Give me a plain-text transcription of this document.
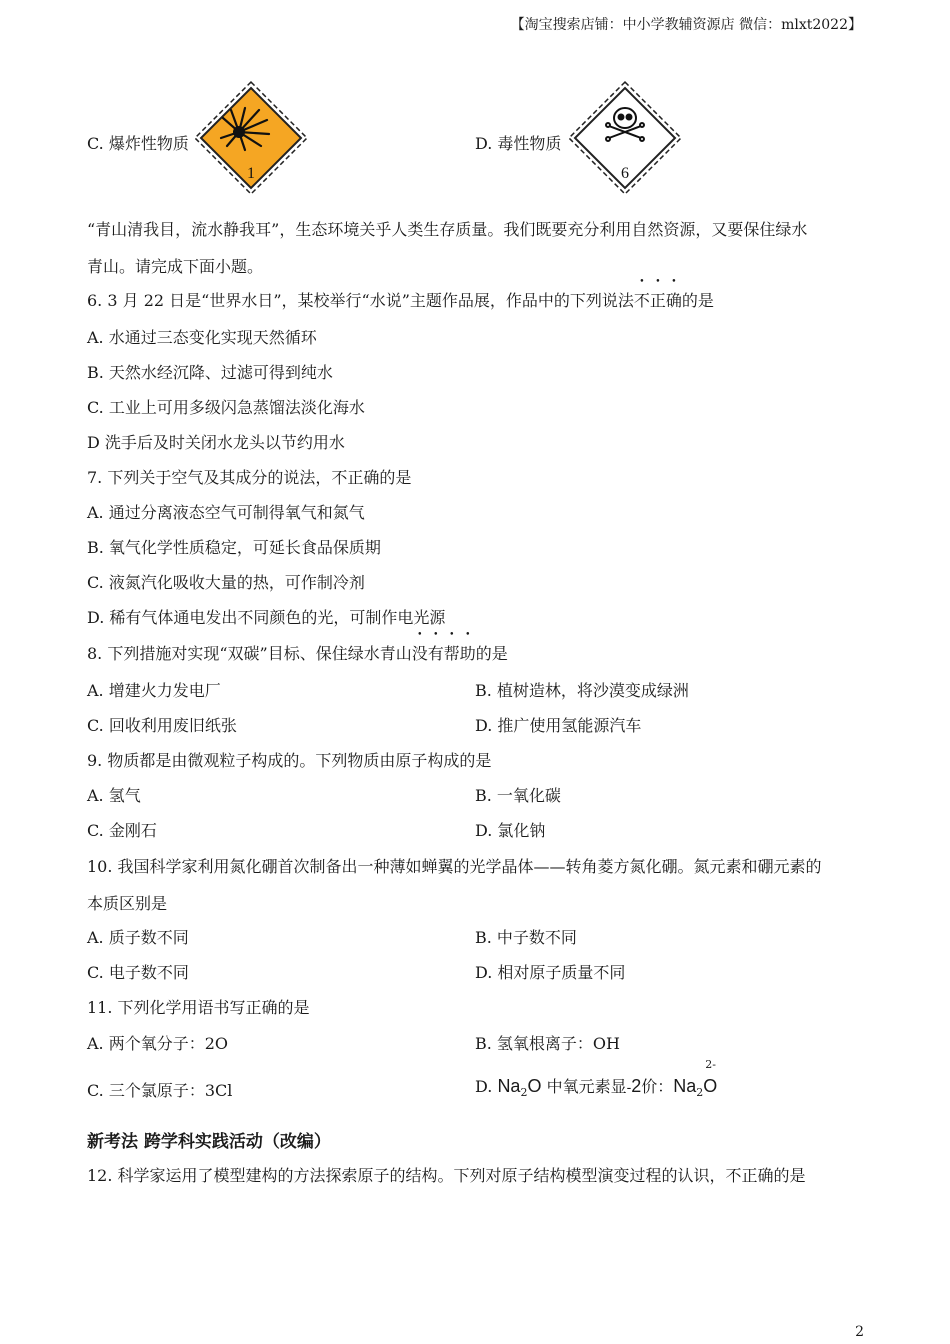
【淘宝搜索店铺：中小学教辅资源店 微信：mlxt2022】
C. 爆炸性物质
1
D. 毒性物质
6
“青山清我目，流水静我耳”，生态环境关乎人类生存质量。我们既要充分利用自然资源，又要保住绿水
青山。请完成下面小题。
6. 3 月 22 日是“世界水日”，某校举行“水说”主题作品展，作品中的下列说法不正确的是
A. 水通过三态变化实现天然循环
B. 天然水经沉降、过滤可得到纯水
C. 工业上可用多级闪急蒸馏法淡化海水
D 洗手后及时关闭水龙头以节约用水
7. 下列关于空气及其成分的说法，不正确的是
A. 通过分离液态空气可制得氧气和氮气
B. 氧气化学性质稳定，可延长食品保质期
C. 液氮汽化吸收大量的热，可作制冷剂
D. 稀有气体通电发出不同颜色的光，可制作电光源
8. 下列措施对实现“双碳”目标、保住绿水青山没有帮助的是
A. 增建火力发电厂	B. 植树造林，将沙漠变成绿洲
C. 回收利用废旧纸张	D. 推广使用氢能源汽车
9. 物质都是由微观粒子构成的。下列物质由原子构成的是
A. 氢气	B. 一氧化碳
C. 金刚石	D. 氯化钠
10. 我国科学家利用氮化硼首次制备出一种薄如蝉翼的光学晶体——转角菱方氮化硼。氮元素和硼元素的
本质区别是
A. 质子数不同	B. 中子数不同
C. 电子数不同	D. 相对原子质量不同
11. 下列化学用语书写正确的是
A. 两个氧分子：2O	B. 氢氧根离子：OH
C. 三个氯原子：3Cl	D. $Na_2O$ 中氧元素显-2价：$Na_2$
2-
O
新考法 跨学科实践活动（改编）
12. 科学家运用了模型建构的方法探索原子的结构。下列对原子结构模型演变过程的认识，不正确的是
2
